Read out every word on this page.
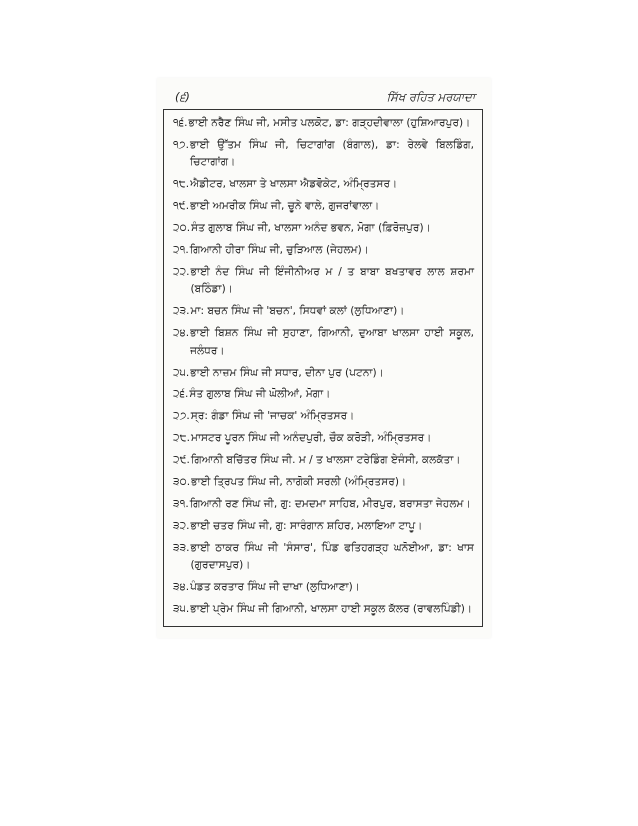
(੬)	ਸਿੱਖ ਰਹਿਤ ਮਰਯਾਦਾ
੧੬. ਭਾਈ ਨਰੈਣ ਸਿੰਘ ਜੀ, ਮਸੀਤ ਪਲਕੋਟ, ਡਾ: ਗੜ੍ਹਦੀਵਾਲਾ (ਹੁਸ਼ਿਆਰਪੁਰ)।
੧੭. ਭਾਈ ਉੱਤਮ ਸਿੰਘ ਜੀ, ਚਿਟਾਗਾਂਗ (ਬੰਗਾਲ), ਡਾ: ਰੇਲਵੇ ਬਿਲਡਿੰਗ, ਚਿਟਾਗਾਂਗ।
੧੮. ਐਡੀਟਰ, ਖਾਲਸਾ ਤੇ ਖਾਲਸਾ ਐਡਵੋਕੇਟ, ਅੰਮ੍ਰਿਤਸਰ।
੧੯. ਭਾਈ ਅਮਰੀਕ ਸਿੰਘ ਜੀ, ਚੂਨੇ ਵਾਲੇ, ਗੁਜਰਾਂਵਾਲਾ।
੨੦. ਸੰਤ ਗੁਲਾਬ ਸਿੰਘ ਜੀ, ਖਾਲਸਾ ਅਨੰਦ ਭਵਨ, ਮੋਗਾ (ਫ਼ਿਰੋਜ਼ਪੁਰ)।
੨੧. ਗਿਆਨੀ ਹੀਰਾ ਸਿੰਘ ਜੀ, ਚੁੜਿਆਲ (ਜੇਹਲਮ)।
੨੨. ਭਾਈ ਨੰਦ ਸਿੰਘ ਜੀ ਇੰਜੀਨੀਅਰ ਮ / ਤ ਬਾਬਾ ਬਖਤਾਵਰ ਲਾਲ ਸ਼ਰਮਾ (ਬਠਿੰਡਾ)।
੨੩. ਮਾ: ਬਚਨ ਸਿੰਘ ਜੀ 'ਬਚਨ', ਸਿਧਵਾਂ ਕਲਾਂ (ਲੁਧਿਆਣਾ)।
੨੪. ਭਾਈ ਬਿਸ਼ਨ ਸਿੰਘ ਜੀ ਸੁਹਾਣਾ, ਗਿਆਨੀ, ਦੁਆਬਾ ਖਾਲਸਾ ਹਾਈ ਸਕੂਲ, ਜਲੰਧਰ।
੨੫. ਭਾਈ ਨਾਜ਼ਮ ਸਿੰਘ ਜੀ ਸਧਾਰ, ਦੀਨਾ ਪੁਰ (ਪਟਨਾ)।
੨੬. ਸੰਤ ਗੁਲਾਬ ਸਿੰਘ ਜੀ ਘੋਲੀਆਂ, ਮੋਗਾ।
੨੭. ਸ੍ਰ: ਗੰਡਾ ਸਿੰਘ ਜੀ 'ਜਾਚਕ' ਅੰਮ੍ਰਿਤਸਰ।
੨੮. ਮਾਸਟਰ ਪੂਰਨ ਸਿੰਘ ਜੀ ਅਨੰਦਪੁਰੀ, ਚੌਕ ਕਰੋੜੀ, ਅੰਮ੍ਰਿਤਸਰ।
੨੯. ਗਿਆਨੀ ਬਚਿੱਤਰ ਸਿੰਘ ਜੀ. ਮ / ਤ ਖਾਲਸਾ ਟਰੇਡਿੰਗ ਏਜੰਸੀ, ਕਲਕੱਤਾ।
੩੦. ਭਾਈ ਤ੍ਰਿਪਤ ਸਿੰਘ ਜੀ, ਨਾਗੋਕੀ ਸਰਲੀ (ਅੰਮ੍ਰਿਤਸਰ)।
੩੧. ਗਿਆਨੀ ਰਣ ਸਿੰਘ ਜੀ, ਗੁ: ਦਮਦਮਾ ਸਾਹਿਬ, ਮੀਰਪੁਰ, ਬਰਾਸਤਾ ਜੇਹਲਮ।
੩੨. ਭਾਈ ਚਤਰ ਸਿੰਘ ਜੀ, ਗੁ: ਸਾਰੰਗਾਨ ਸ਼ਹਿਰ, ਮਲਾਇਆ ਟਾਪੂ।
੩੩. ਭਾਈ ਠਾਕਰ ਸਿੰਘ ਜੀ 'ਸੰਸਾਰ', ਪਿੰਡ ਫਤਿਹਗੜ੍ਹ ਘਨੋਈਆ, ਡਾ: ਖਾਸ (ਗੁਰਦਾਸਪੁਰ)।
੩੪. ਪੰਡਤ ਕਰਤਾਰ ਸਿੰਘ ਜੀ ਦਾਖਾ (ਲੁਧਿਆਣਾ)।
੩੫. ਭਾਈ ਪ੍ਰੇਮ ਸਿੰਘ ਜੀ ਗਿਆਨੀ, ਖਾਲਸਾ ਹਾਈ ਸਕੂਲ ਕੱਲਰ (ਰਾਵਲਪਿੰਡੀ)।
